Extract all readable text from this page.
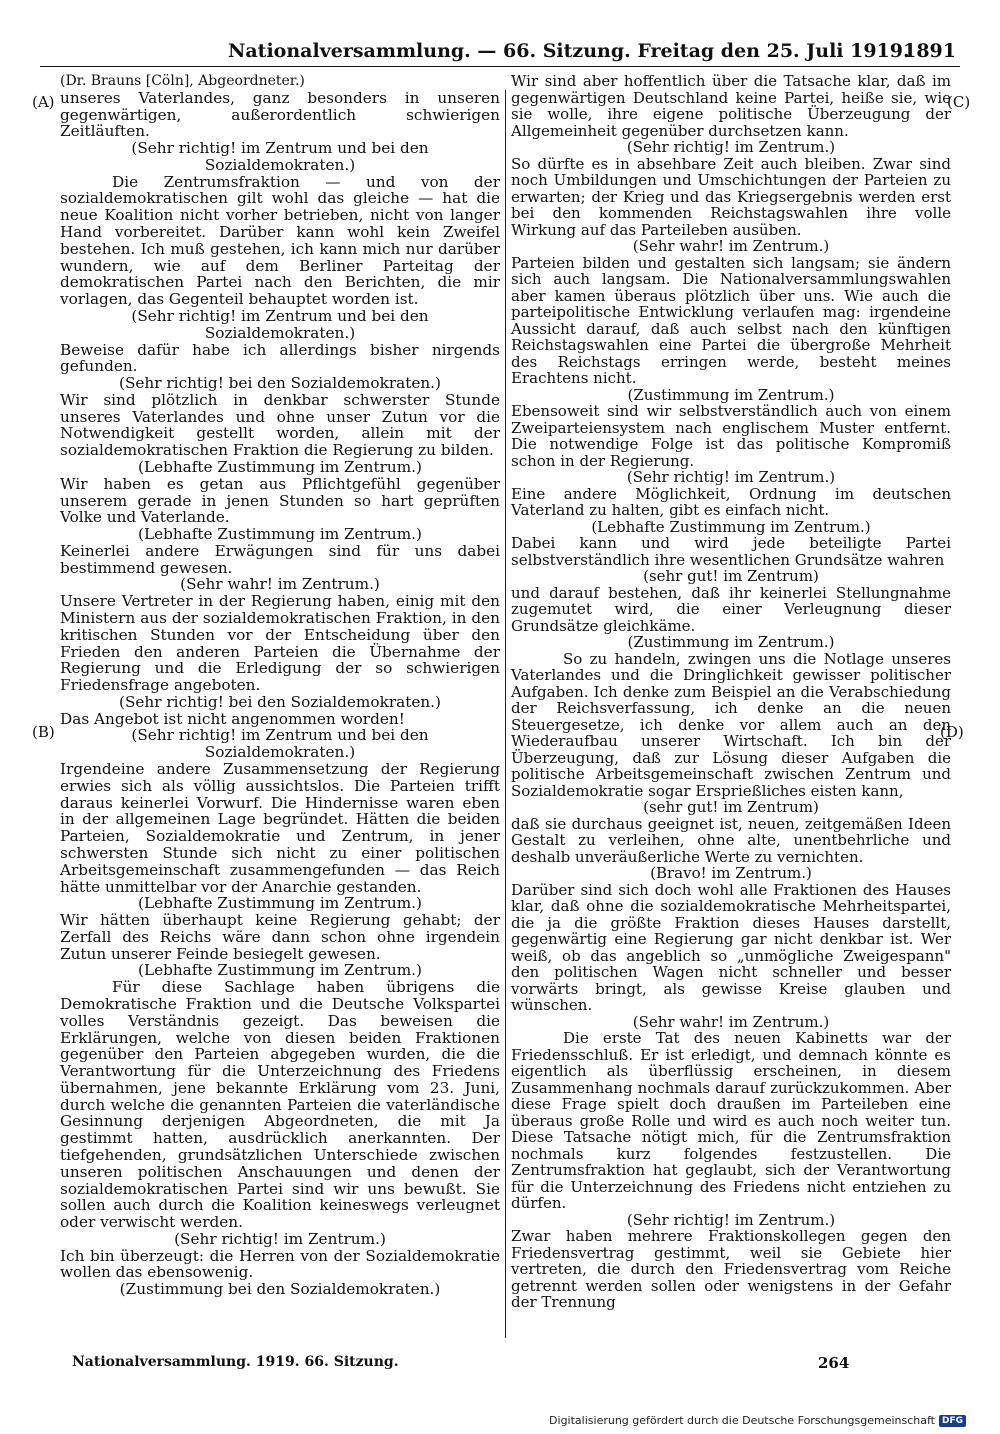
Nationalversammlung. — 66. Sitzung. Freitag den 25. Juli 1919.
1891
(A)
(B)
(C)
(D)

(Dr. Brauns [Cöln], Abgeordneter.)

unseres Vaterlandes, ganz besonders in unseren gegenwärtigen, außerordentlich schwierigen Zeitläuften.

(Sehr richtig! im Zentrum und bei den Sozialdemokraten.)

Die Zentrumsfraktion — und von der sozialdemokratischen gilt wohl das gleiche — hat die neue Koalition nicht vorher betrieben, nicht von langer Hand vorbereitet. Darüber kann wohl kein Zweifel bestehen. Ich muß gestehen, ich kann mich nur darüber wundern, wie auf dem Berliner Parteitag der demokratischen Partei nach den Berichten, die mir vorlagen, das Gegenteil behauptet worden ist.

(Sehr richtig! im Zentrum und bei den Sozialdemokraten.)

Beweise dafür habe ich allerdings bisher nirgends gefunden.

(Sehr richtig! bei den Sozialdemokraten.)

Wir sind plötzlich in denkbar schwerster Stunde unseres Vaterlandes und ohne unser Zutun vor die Notwendigkeit gestellt worden, allein mit der sozialdemokratischen Fraktion die Regierung zu bilden.

(Lebhafte Zustimmung im Zentrum.)

Wir haben es getan aus Pflichtgefühl gegenüber unserem gerade in jenen Stunden so hart geprüften Volke und Vaterlande.

(Lebhafte Zustimmung im Zentrum.)

Keinerlei andere Erwägungen sind für uns dabei bestimmend gewesen.

(Sehr wahr! im Zentrum.)

Unsere Vertreter in der Regierung haben, einig mit den Ministern aus der sozialdemokratischen Fraktion, in den kritischen Stunden vor der Entscheidung über den Frieden den anderen Parteien die Übernahme der Regierung und die Erledigung der so schwierigen Friedensfrage angeboten.

(Sehr richtig! bei den Sozialdemokraten.)

Das Angebot ist nicht angenommen worden!

(Sehr richtig! im Zentrum und bei den Sozialdemokraten.)

Irgendeine andere Zusammensetzung der Regierung erwies sich als völlig aussichtslos. Die Parteien trifft daraus keinerlei Vorwurf. Die Hindernisse waren eben in der allgemeinen Lage begründet. Hätten die beiden Parteien, Sozialdemokratie und Zentrum, in jener schwersten Stunde sich nicht zu einer politischen Arbeitsgemeinschaft zusammengefunden — das Reich hätte unmittelbar vor der Anarchie gestanden.

(Lebhafte Zustimmung im Zentrum.)

Wir hätten überhaupt keine Regierung gehabt; der Zerfall des Reichs wäre dann schon ohne irgendein Zutun unserer Feinde besiegelt gewesen.

(Lebhafte Zustimmung im Zentrum.)

Für diese Sachlage haben übrigens die Demokratische Fraktion und die Deutsche Volkspartei volles Verständnis gezeigt. Das beweisen die Erklärungen, welche von diesen beiden Fraktionen gegenüber den Parteien abgegeben wurden, die die Verantwortung für die Unterzeichnung des Friedens übernahmen, jene bekannte Erklärung vom 23. Juni, durch welche die genannten Parteien die vaterländische Gesinnung derjenigen Abgeordneten, die mit Ja gestimmt hatten, ausdrücklich anerkannten. Der tiefgehenden, grundsätzlichen Unterschiede zwischen unseren politischen Anschauungen und denen der sozialdemokratischen Partei sind wir uns bewußt. Sie sollen auch durch die Koalition keineswegs verleugnet oder verwischt werden.

(Sehr richtig! im Zentrum.)

Ich bin überzeugt: die Herren von der Sozialdemokratie wollen das ebensowenig.

(Zustimmung bei den Sozialdemokraten.)

Wir sind aber hoffentlich über die Tatsache klar, daß im gegenwärtigen Deutschland keine Partei, heiße sie, wie sie wolle, ihre eigene politische Überzeugung der Allgemeinheit gegenüber durchsetzen kann.

(Sehr richtig! im Zentrum.)

So dürfte es in absehbare Zeit auch bleiben. Zwar sind noch Umbildungen und Umschichtungen der Parteien zu erwarten; der Krieg und das Kriegsergebnis werden erst bei den kommenden Reichstagswahlen ihre volle Wirkung auf das Parteileben ausüben.

(Sehr wahr! im Zentrum.)

Parteien bilden und gestalten sich langsam; sie ändern sich auch langsam. Die Nationalversammlungswahlen aber kamen überaus plötzlich über uns. Wie auch die parteipolitische Entwicklung verlaufen mag: irgendeine Aussicht darauf, daß auch selbst nach den künftigen Reichstagswahlen eine Partei die übergroße Mehrheit des Reichstags erringen werde, besteht meines Erachtens nicht.

(Zustimmung im Zentrum.)

Ebensoweit sind wir selbstverständlich auch von einem Zweiparteiensystem nach englischem Muster entfernt. Die notwendige Folge ist das politische Kompromiß schon in der Regierung.

(Sehr richtig! im Zentrum.)

Eine andere Möglichkeit, Ordnung im deutschen Vaterland zu halten, gibt es einfach nicht.

(Lebhafte Zustimmung im Zentrum.)

Dabei kann und wird jede beteiligte Partei selbstverständlich ihre wesentlichen Grundsätze wahren

(sehr gut! im Zentrum)

und darauf bestehen, daß ihr keinerlei Stellungnahme zugemutet wird, die einer Verleugnung dieser Grundsätze gleichkäme.

(Zustimmung im Zentrum.)

So zu handeln, zwingen uns die Notlage unseres Vaterlandes und die Dringlichkeit gewisser politischer Aufgaben. Ich denke zum Beispiel an die Verabschiedung der Reichsverfassung, ich denke an die neuen Steuergesetze, ich denke vor allem auch an den Wiederaufbau unserer Wirtschaft. Ich bin der Überzeugung, daß zur Lösung dieser Aufgaben die politische Arbeitsgemeinschaft zwischen Zentrum und Sozialdemokratie sogar Ersprießliches eisten kann,

(sehr gut! im Zentrum)

daß sie durchaus geeignet ist, neuen, zeitgemäßen Ideen Gestalt zu verleihen, ohne alte, unentbehrliche und deshalb unveräußerliche Werte zu vernichten.

(Bravo! im Zentrum.)

Darüber sind sich doch wohl alle Fraktionen des Hauses klar, daß ohne die sozialdemokratische Mehrheitspartei, die ja die größte Fraktion dieses Hauses darstellt, gegenwärtig eine Regierung gar nicht denkbar ist. Wer weiß, ob das angeblich so „unmögliche Zweigespann" den politischen Wagen nicht schneller und besser vorwärts bringt, als gewisse Kreise glauben und wünschen.

(Sehr wahr! im Zentrum.)

Die erste Tat des neuen Kabinetts war der Friedensschluß. Er ist erledigt, und demnach könnte es eigentlich als überflüssig erscheinen, in diesem Zusammenhang nochmals darauf zurückzukommen. Aber diese Frage spielt doch draußen im Parteileben eine überaus große Rolle und wird es auch noch weiter tun. Diese Tatsache nötigt mich, für die Zentrumsfraktion nochmals kurz folgendes festzustellen. Die Zentrumsfraktion hat geglaubt, sich der Verantwortung für die Unterzeichnung des Friedens nicht entziehen zu dürfen.

(Sehr richtig! im Zentrum.)

Zwar haben mehrere Fraktionskollegen gegen den Friedensvertrag gestimmt, weil sie Gebiete hier vertreten, die durch den Friedensvertrag vom Reiche getrennt werden sollen oder wenigstens in der Gefahr der Trennung

Nationalversammlung. 1919. 66. Sitzung.	264
Digitalisierung gefördert durch die Deutsche Forschungsgemeinschaft DFG
